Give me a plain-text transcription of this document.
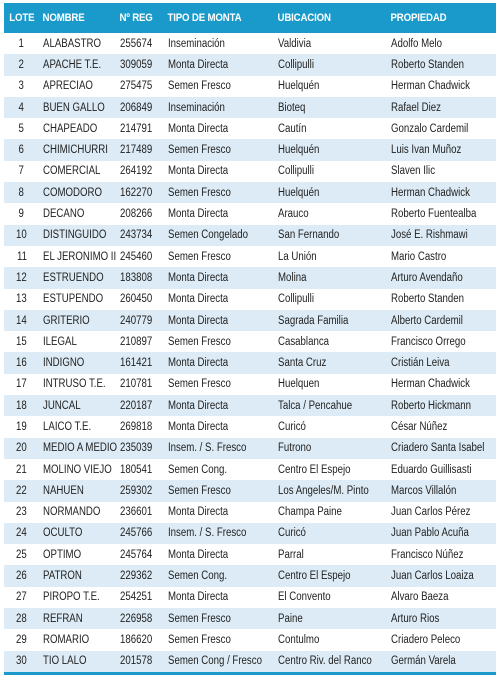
LOTE	NOMBRE	Nº REG	TIPO DE MONTA	UBICACION	PROPIEDAD
1	ALABASTRO	255674	Inseminación	Valdivia	Adolfo Melo
2	APACHE T.E.	309059	Monta Directa	Collipulli	Roberto Standen
3	APRECIAO	275475	Semen Fresco	Huelquén	Herman Chadwick
4	BUEN GALLO	206849	Inseminación	Bioteq	Rafael Diez
5	CHAPEADO	214791	Monta Directa	Cautín	Gonzalo Cardemil
6	CHIMICHURRI	217489	Semen Fresco	Huelquén	Luis Ivan Muñoz
7	COMERCIAL	264192	Monta Directa	Collipulli	Slaven Ilic
8	COMODORO	162270	Semen Fresco	Huelquén	Herman Chadwick
9	DECANO	208266	Monta Directa	Arauco	Roberto Fuentealba
10	DISTINGUIDO	243734	Semen Congelado	San Fernando	José E. Rishmawi
11	EL JERONIMO II	245460	Semen Fresco	La Unión	Mario Castro
12	ESTRUENDO	183808	Monta Directa	Molina	Arturo Avendaño
13	ESTUPENDO	260450	Monta Directa	Collipulli	Roberto Standen
14	GRITERIO	240779	Monta Directa	Sagrada Familia	Alberto Cardemil
15	ILEGAL	210897	Semen Fresco	Casablanca	Francisco Orrego
16	INDIGNO	161421	Monta Directa	Santa Cruz	Cristián Leiva
17	INTRUSO T.E.	210781	Semen Fresco	Huelquen	Herman Chadwick
18	JUNCAL	220187	Monta Directa	Talca / Pencahue	Roberto Hickmann
19	LAICO T.E.	269818	Monta Directa	Curicó	César Núñez
20	MEDIO A MEDIO	235039	Insem. / S. Fresco	Futrono	Criadero Santa Isabel
21	MOLINO VIEJO	180541	Semen Cong.	Centro El Espejo	Eduardo Guillisasti
22	NAHUEN	259302	Semen Fresco	Los Angeles/M. Pinto	Marcos Villalón
23	NORMANDO	236601	Monta Directa	Champa Paine	Juan Carlos Pérez
24	OCULTO	245766	Insem. / S. Fresco	Curicó	Juan Pablo Acuña
25	OPTIMO	245764	Monta Directa	Parral	Francisco Núñez
26	PATRON	229362	Semen Cong.	Centro El Espejo	Juan Carlos Loaiza
27	PIROPO T.E.	254251	Monta Directa	El Convento	Alvaro Baeza
28	REFRAN	226958	Semen Fresco	Paine	Arturo Rios
29	ROMARIO	186620	Semen Fresco	Contulmo	Criadero Peleco
30	TIO LALO	201578	Semen Cong / Fresco	Centro Riv. del Ranco	Germán Varela
